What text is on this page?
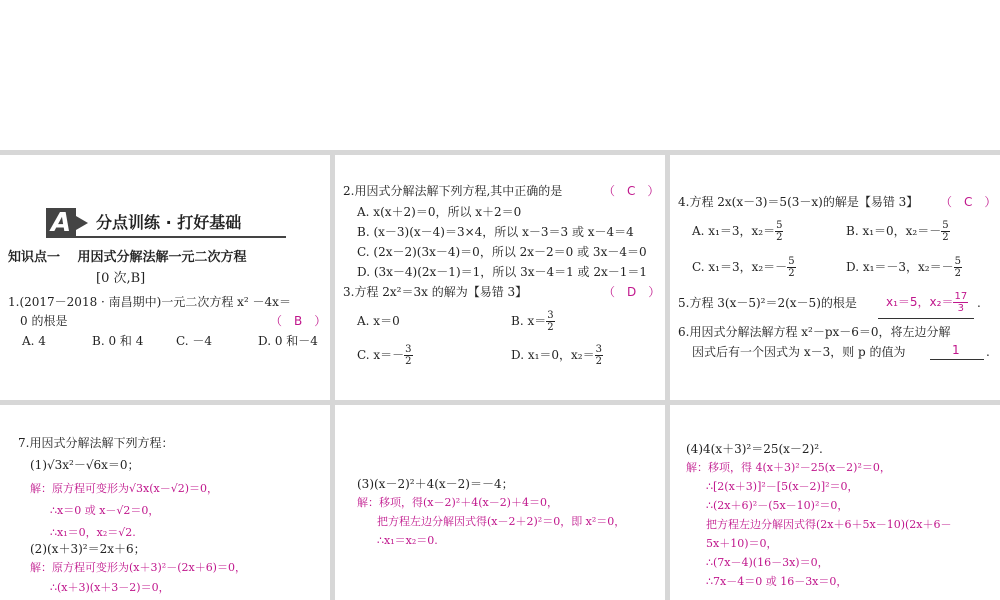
A	分点训练 · 打好基础
知识点一　 用因式分解法解一元二次方程
[0 次,B]
1.(2017－2018 · 南昌期中)一元二次方程 x² －4x＝
0 的根是	（　B　）
A. 4	B. 0 和 4	C. －4	D. 0 和－4
2.用因式分解法解下列方程,其中正确的是	（　C　）
A. x(x＋2)＝0，所以 x＋2＝0
B. (x－3)(x－4)＝3×4，所以 x－3＝3 或 x－4＝4
C. (2x－2)(3x－4)＝0，所以 2x－2＝0 或 3x－4＝0
D. (3x－4)(2x－1)＝1，所以 3x－4＝1 或 2x－1＝1
3.方程 2x²＝3x 的解为【易错 3】	（　D　）
A. x＝0	B. $x= \frac{3}{2}$
C. $x=- \frac{3}{2}$	D. x₁＝0，$x_2= \frac{3}{2}$
4.方程 2x(x－3)＝5(3－x)的解是【易错 3】 （　C　）
A. x₁＝3，$x_2= \frac{5}{2}$	B. x₁＝0，$x_2=- \frac{5}{2}$
C. x₁＝3，$x_2=- \frac{5}{2}$	D. x₁＝－3，$x_2=- \frac{5}{2}$
5.方程 3(x－5)²＝2(x－5)的根是 x₁＝5，$x_2= \frac{17}{3}$ .
6.用因式分解法解方程 x²－px－6＝0，将左边分解
因式后有一个因式为 x－3，则 p 的值为	1 .
7.用因式分解法解下列方程：
(1)√3x²－√6x＝0；
解：原方程可变形为√3x(x－√2)＝0，
∴x＝0 或 x－√2＝0，
∴x₁＝0，x₂＝√2.
(2)(x＋3)²＝2x＋6；
解：原方程可变形为(x＋3)²－(2x＋6)＝0，
∴(x＋3)(x＋3－2)＝0，
(3)(x－2)²＋4(x－2)＝－4；
解：移项，得(x－2)²＋4(x－2)＋4＝0，
把方程左边分解因式得(x－2＋2)²＝0，即 x²＝0，
∴x₁＝x₂＝0.
(4)4(x＋3)²＝25(x－2)².
解：移项，得 4(x＋3)²－25(x－2)²＝0，
∴[2(x＋3)]²－[5(x－2)]²＝0，
∴(2x＋6)²－(5x－10)²＝0，
把方程左边分解因式得(2x＋6＋5x－10)(2x＋6－
5x＋10)＝0，
∴(7x－4)(16－3x)＝0，
∴7x－4＝0 或 16－3x＝0，
